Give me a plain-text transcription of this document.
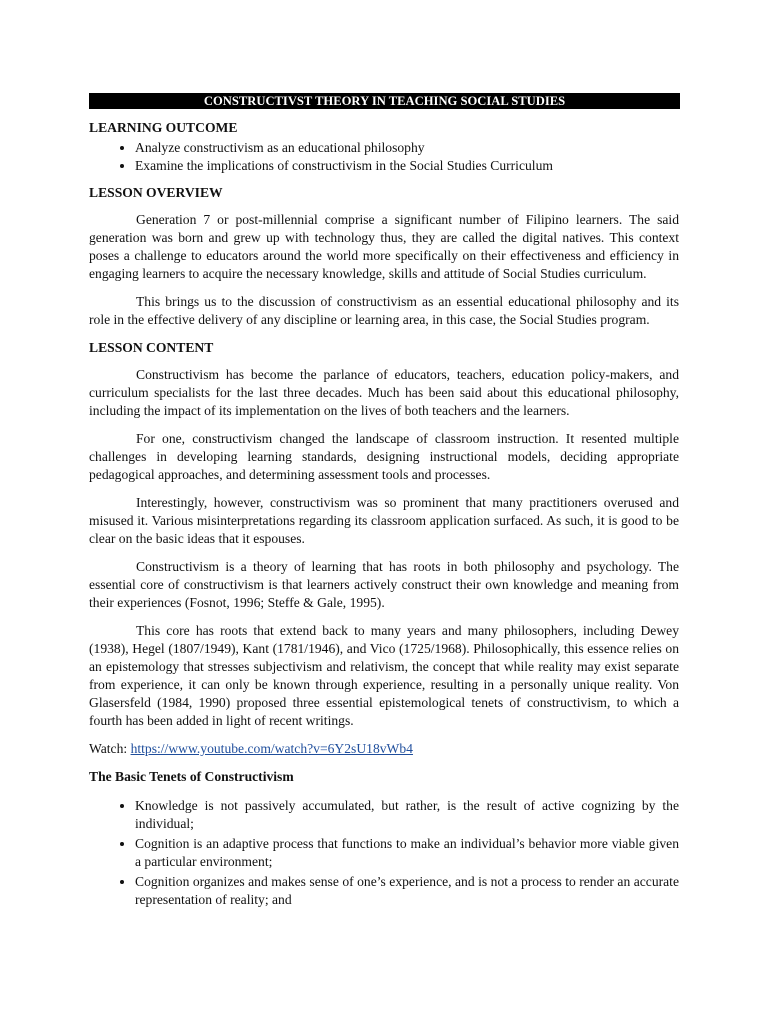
CONSTRUCTIVST THEORY IN TEACHING SOCIAL STUDIES
LEARNING OUTCOME
• Analyze constructivism as an educational philosophy
• Examine the implications of constructivism in the Social Studies Curriculum
LESSON OVERVIEW

Generation 7 or post-millennial comprise a significant number of Filipino learners. The said generation was born and grew up with technology thus, they are called the digital natives. This context poses a challenge to educators around the world more specifically on their effectiveness and efficiency in engaging learners to acquire the necessary knowledge, skills and attitude of Social Studies curriculum.

This brings us to the discussion of constructivism as an essential educational philosophy and its role in the effective delivery of any discipline or learning area, in this case, the Social Studies program.

LESSON CONTENT

Constructivism has become the parlance of educators, teachers, education policy-makers, and curriculum specialists for the last three decades. Much has been said about this educational philosophy, including the impact of its implementation on the lives of both teachers and the learners.

For one, constructivism changed the landscape of classroom instruction. It resented multiple challenges in developing learning standards, designing instructional models, deciding appropriate pedagogical approaches, and determining assessment tools and processes.

Interestingly, however, constructivism was so prominent that many practitioners overused and misused it. Various misinterpretations regarding its classroom application surfaced. As such, it is good to be clear on the basic ideas that it espouses.

Constructivism is a theory of learning that has roots in both philosophy and psychology. The essential core of constructivism is that learners actively construct their own knowledge and meaning from their experiences (Fosnot, 1996; Steffe & Gale, 1995).

This core has roots that extend back to many years and many philosophers, including Dewey (1938), Hegel (1807/1949), Kant (1781/1946), and Vico (1725/1968). Philosophically, this essence relies on an epistemology that stresses subjectivism and relativism, the concept that while reality may exist separate from experience, it can only be known through experience, resulting in a personally unique reality. Von Glasersfeld (1984, 1990) proposed three essential epistemological tenets of constructivism, to which a fourth has been added in light of recent writings.

Watch: https://www.youtube.com/watch?v=6Y2sU18vWb4

The Basic Tenets of Constructivism
• Knowledge is not passively accumulated, but rather, is the result of active cognizing by the individual;
• Cognition is an adaptive process that functions to make an individual’s behavior more viable given a particular environment;
• Cognition organizes and makes sense of one’s experience, and is not a process to render an accurate representation of reality; and
